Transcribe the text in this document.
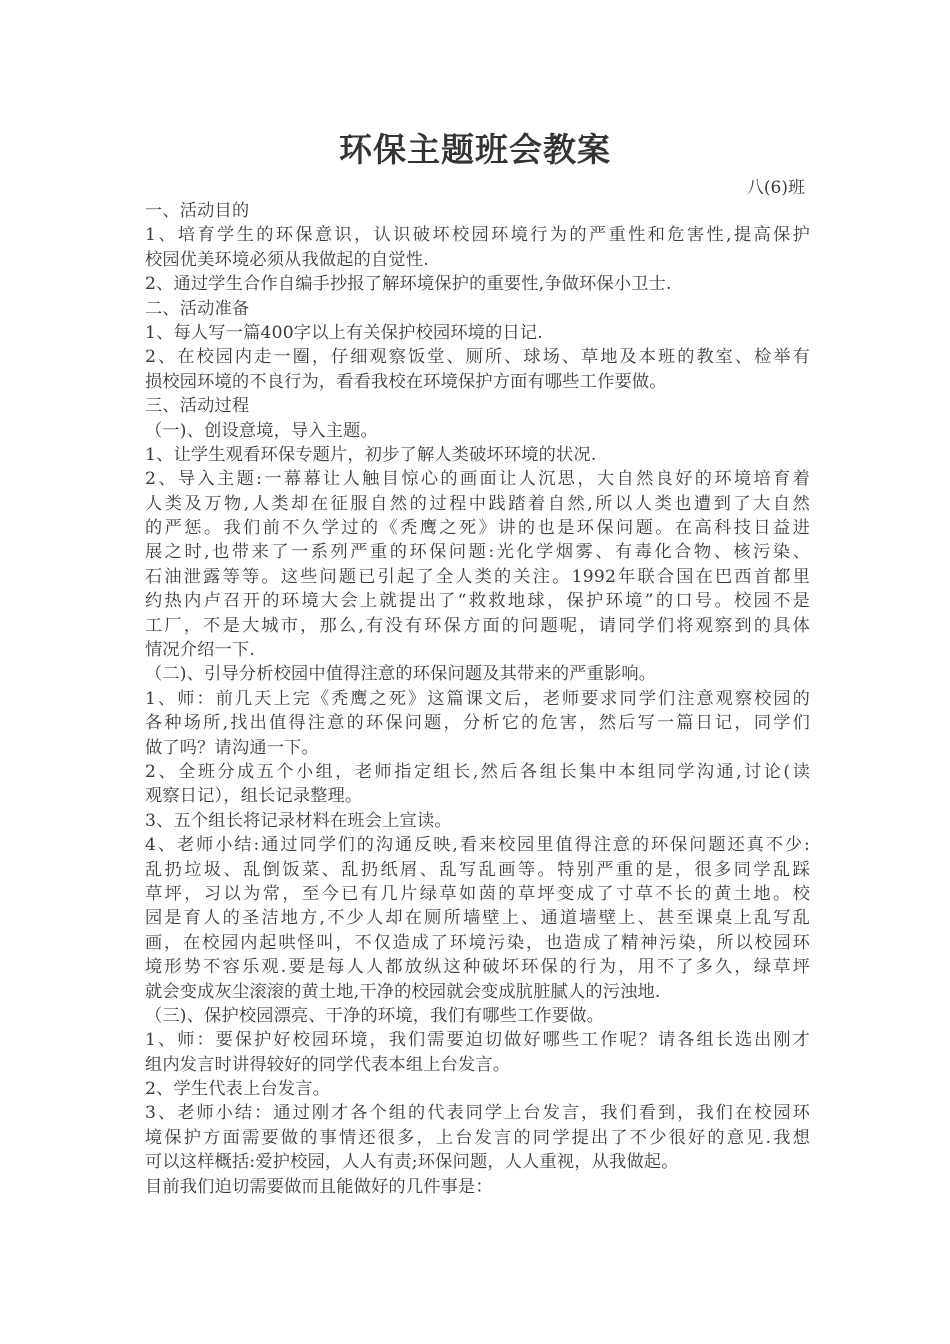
环保主题班会教案
八(6)班
一、活动目的
1、培育学生的环保意识，认识破坏校园环境行为的严重性和危害性,提高保护
校园优美环境必须从我做起的自觉性.
2、通过学生合作自编手抄报了解环境保护的重要性,争做环保小卫士.
二、活动准备
1、每人写一篇400字以上有关保护校园环境的日记.
2、在校园内走一圈，仔细观察饭堂、厕所、球场、草地及本班的教室、检举有
损校园环境的不良行为，看看我校在环境保护方面有哪些工作要做。
三、活动过程
（一)、创设意境，导入主题。
1、让学生观看环保专题片，初步了解人类破坏环境的状况.
2、导入主题:一幕幕让人触目惊心的画面让人沉思，大自然良好的环境培育着
人类及万物,人类却在征服自然的过程中践踏着自然,所以人类也遭到了大自然
的严惩。我们前不久学过的《秃鹰之死》讲的也是环保问题。在高科技日益进
展之时,也带来了一系列严重的环保问题:光化学烟雾、有毒化合物、核污染、
石油泄露等等。这些问题已引起了全人类的关注。1992年联合国在巴西首都里
约热内卢召开的环境大会上就提出了“救救地球，保护环境”的口号。校园不是
工厂，不是大城市，那么,有没有环保方面的问题呢，请同学们将观察到的具体
情况介绍一下.
（二)、引导分析校园中值得注意的环保问题及其带来的严重影响。
1、师：前几天上完《秃鹰之死》这篇课文后，老师要求同学们注意观察校园的
各种场所,找出值得注意的环保问题，分析它的危害，然后写一篇日记，同学们
做了吗？请沟通一下。
2、全班分成五个小组，老师指定组长,然后各组长集中本组同学沟通,讨论(读
观察日记），组长记录整理。
3、五个组长将记录材料在班会上宣读。
4、老师小结:通过同学们的沟通反映,看来校园里值得注意的环保问题还真不少:
乱扔垃圾、乱倒饭菜、乱扔纸屑、乱写乱画等。特别严重的是，很多同学乱踩
草坪，习以为常，至今已有几片绿草如茵的草坪变成了寸草不长的黄土地。校
园是育人的圣洁地方,不少人却在厕所墙壁上、通道墙壁上、甚至课桌上乱写乱
画，在校园内起哄怪叫，不仅造成了环境污染，也造成了精神污染，所以校园环
境形势不容乐观.要是每人人都放纵这种破坏环保的行为，用不了多久，绿草坪
就会变成灰尘滚滚的黄土地,干净的校园就会变成肮脏腻人的污浊地.
（三)、保护校园漂亮、干净的环境，我们有哪些工作要做。
1、师：要保护好校园环境，我们需要迫切做好哪些工作呢？请各组长选出刚才
组内发言时讲得较好的同学代表本组上台发言。
2、学生代表上台发言。
3、老师小结：通过刚才各个组的代表同学上台发言，我们看到，我们在校园环
境保护方面需要做的事情还很多，上台发言的同学提出了不少很好的意见.我想
可以这样概括:爱护校园，人人有责;环保问题，人人重视，从我做起。
目前我们迫切需要做而且能做好的几件事是：
